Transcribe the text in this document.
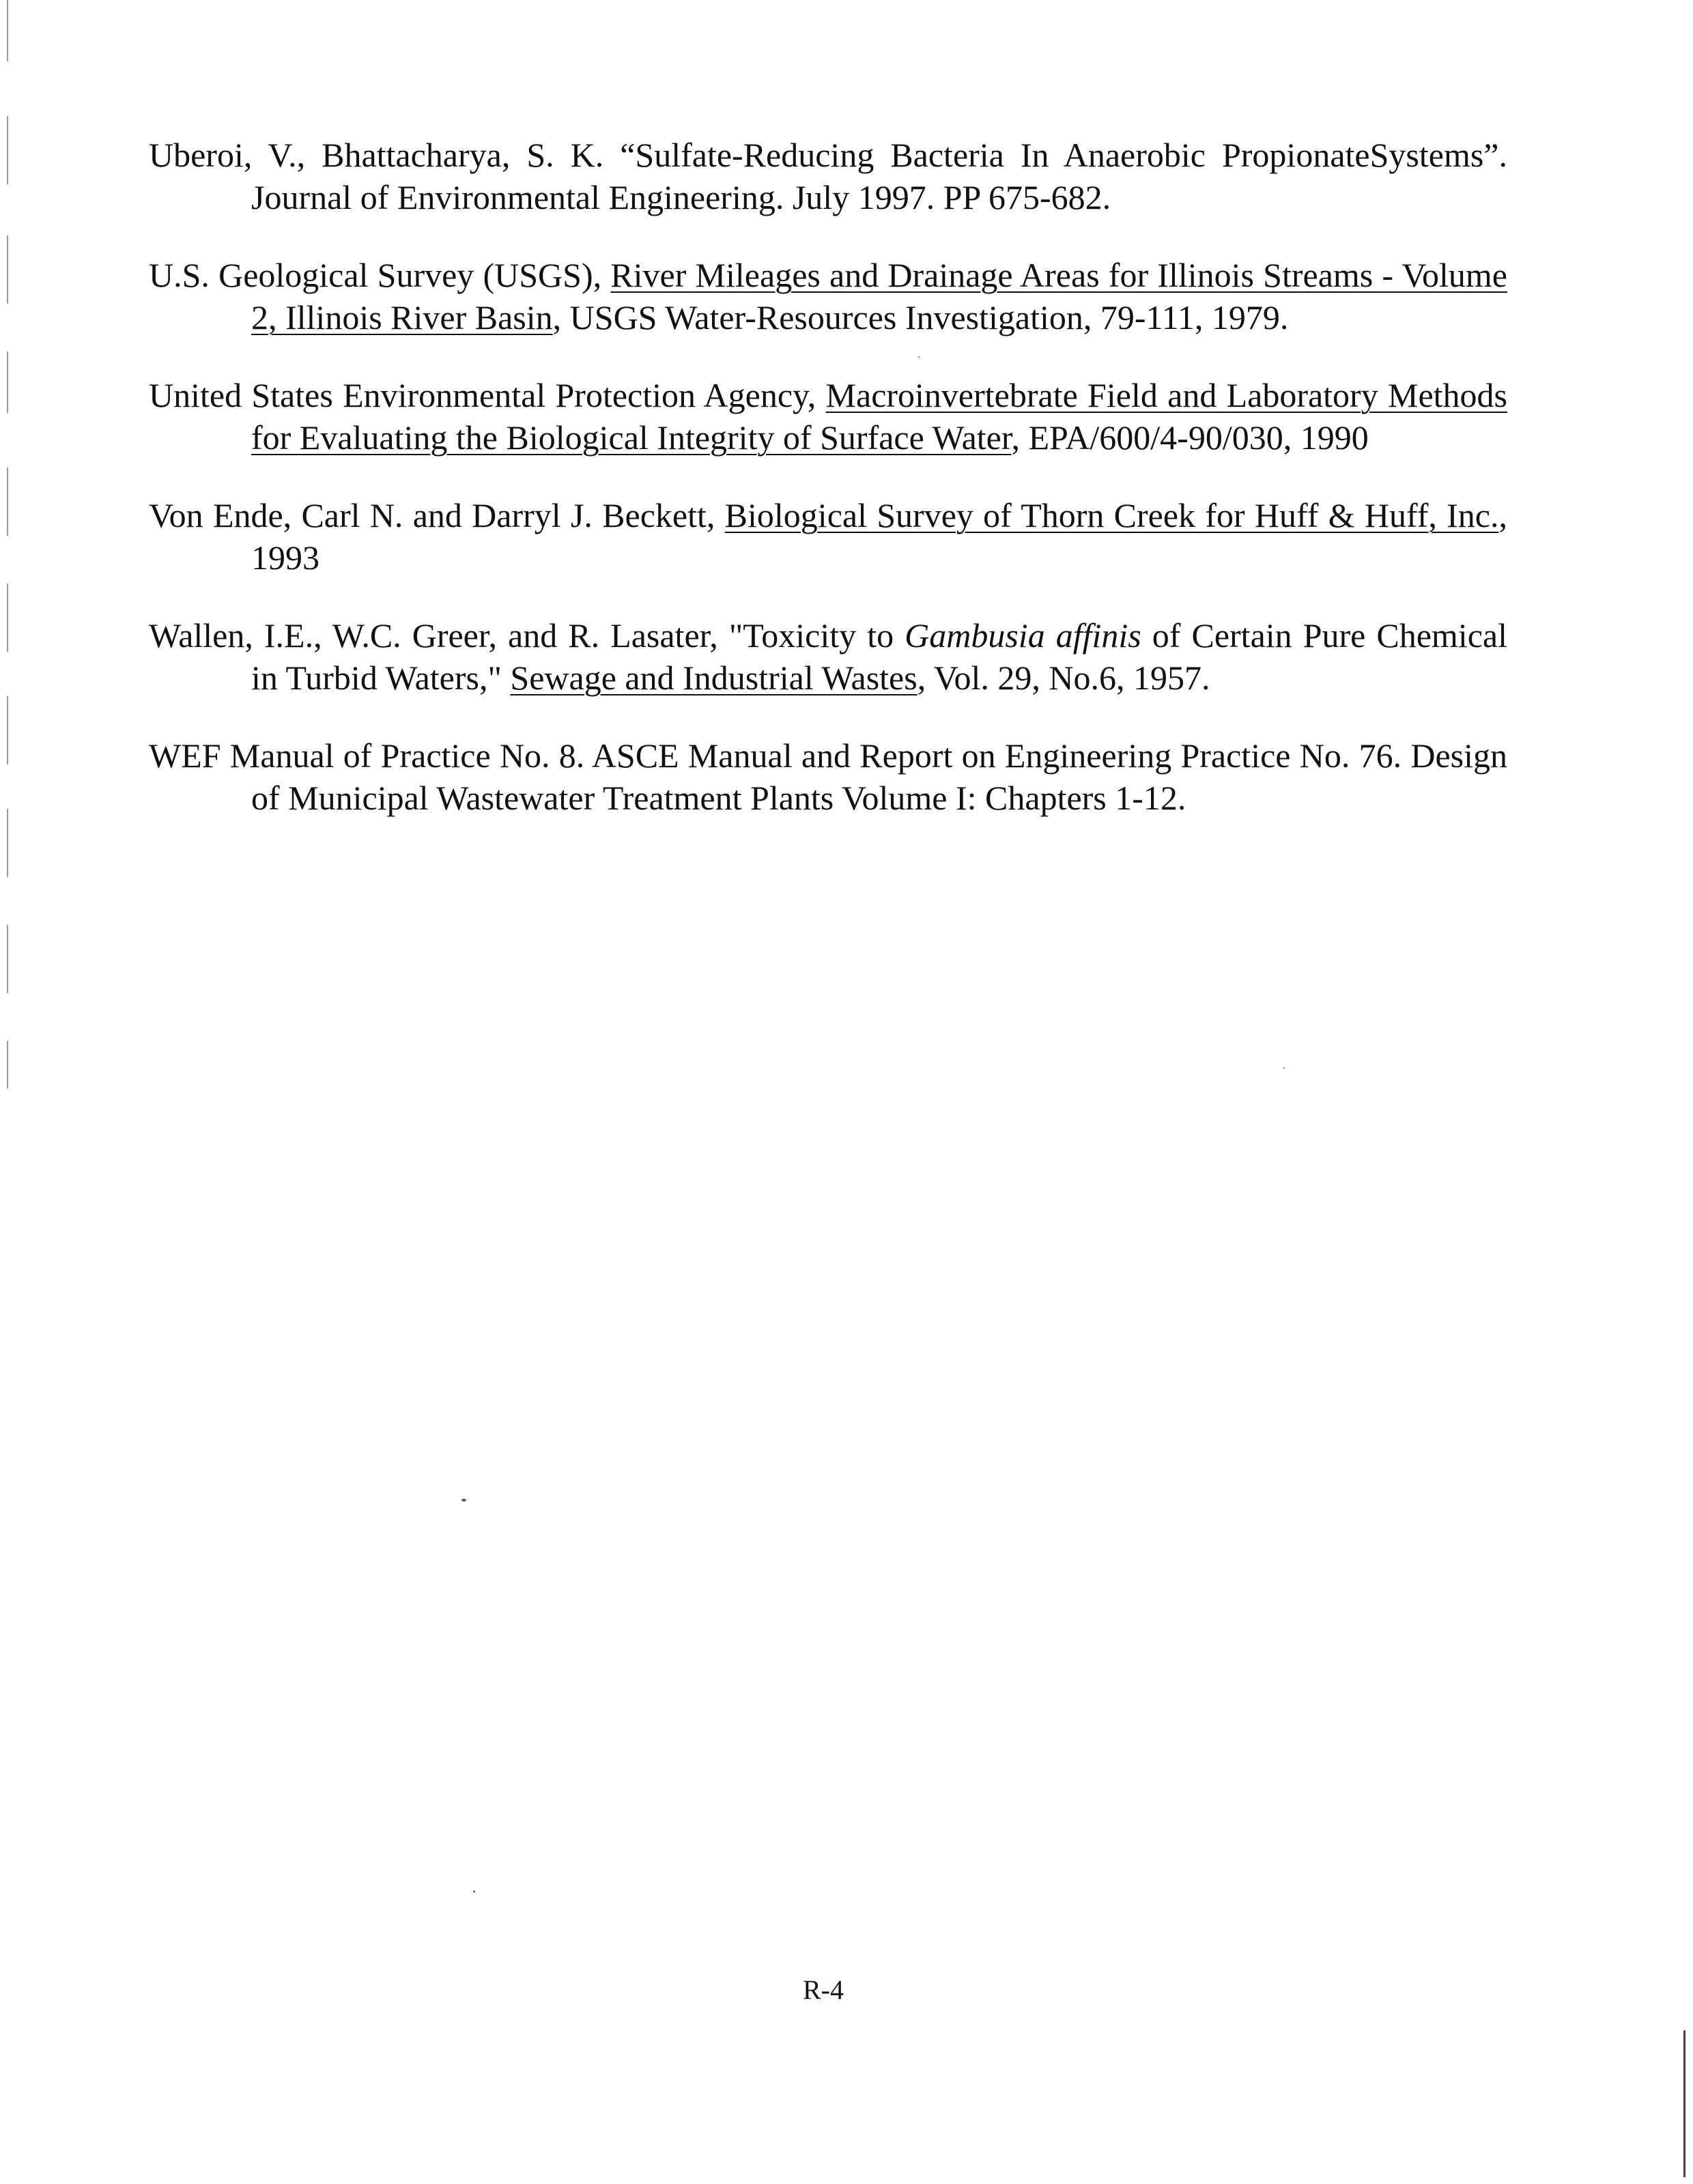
Uberoi, V., Bhattacharya, S. K. “Sulfate-Reducing Bacteria In Anaerobic PropionateSystems”. Journal of Environmental Engineering. July 1997. PP 675-682.

U.S. Geological Survey (USGS), River Mileages and Drainage Areas for Illinois Streams - Volume 2, Illinois River Basin, USGS Water-Resources Investigation, 79-111, 1979.

United States Environmental Protection Agency, Macroinvertebrate Field and Laboratory Methods for Evaluating the Biological Integrity of Surface Water, EPA/600/4-90/030, 1990

Von Ende, Carl N. and Darryl J. Beckett, Biological Survey of Thorn Creek for Huff & Huff, Inc., 1993

Wallen, I.E., W.C. Greer, and R. Lasater, "Toxicity to Gambusia affinis of Certain Pure Chemical in Turbid Waters," Sewage and Industrial Wastes, Vol. 29, No.6, 1957.

WEF Manual of Practice No. 8. ASCE Manual and Report on Engineering Practice No. 76. Design of Municipal Wastewater Treatment Plants Volume I: Chapters 1-12.

R-4
